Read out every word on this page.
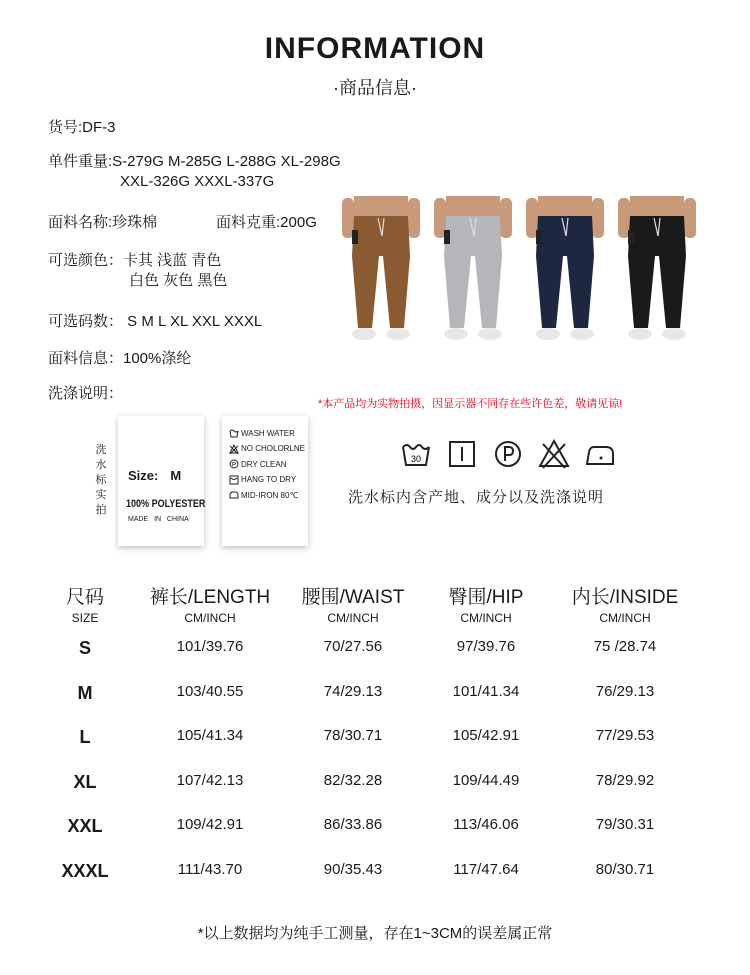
INFORMATION
·商品信息·
货号:DF-3
单件重量:S-279G M-285G L-288G XL-298G
XXL-326G XXXL-337G
面料名称:珍珠棉	面料克重:200G
可选颜色：卡其 浅蓝 青色
白色 灰色 黑色
可选码数： S M L XL XXL XXXL
面料信息：100%涤纶
洗涤说明：
*本产品均为实物拍摄，因显示器不同存在些许色差，敬请见谅!
洗
水
标
实
拍
Size: M
100% POLYESTER
MADE IN CHINA
WASH WATER
NO CHOLORLNE
P DRY CLEAN
HANG TO DRY
MID-IRON 80℃
30
洗水标内含产地、成分以及洗涤说明
尺码
SIZE
裤长/LENGTH
CM/INCH
腰围/WAIST
CM/INCH
臀围/HIP
CM/INCH
内长/INSIDE
CM/INCH
S	101/39.76	70/27.56	97/39.76	75 /28.74
M	103/40.55	74/29.13	101/41.34	76/29.13
L	105/41.34	78/30.71	105/42.91	77/29.53
XL	107/42.13	82/32.28	109/44.49	78/29.92
XXL	109/42.91	86/33.86	113/46.06	79/30.31
XXXL	111/43.70	90/35.43	117/47.64	80/30.71
*以上数据均为纯手工测量，存在1~3CM的误差属正常
